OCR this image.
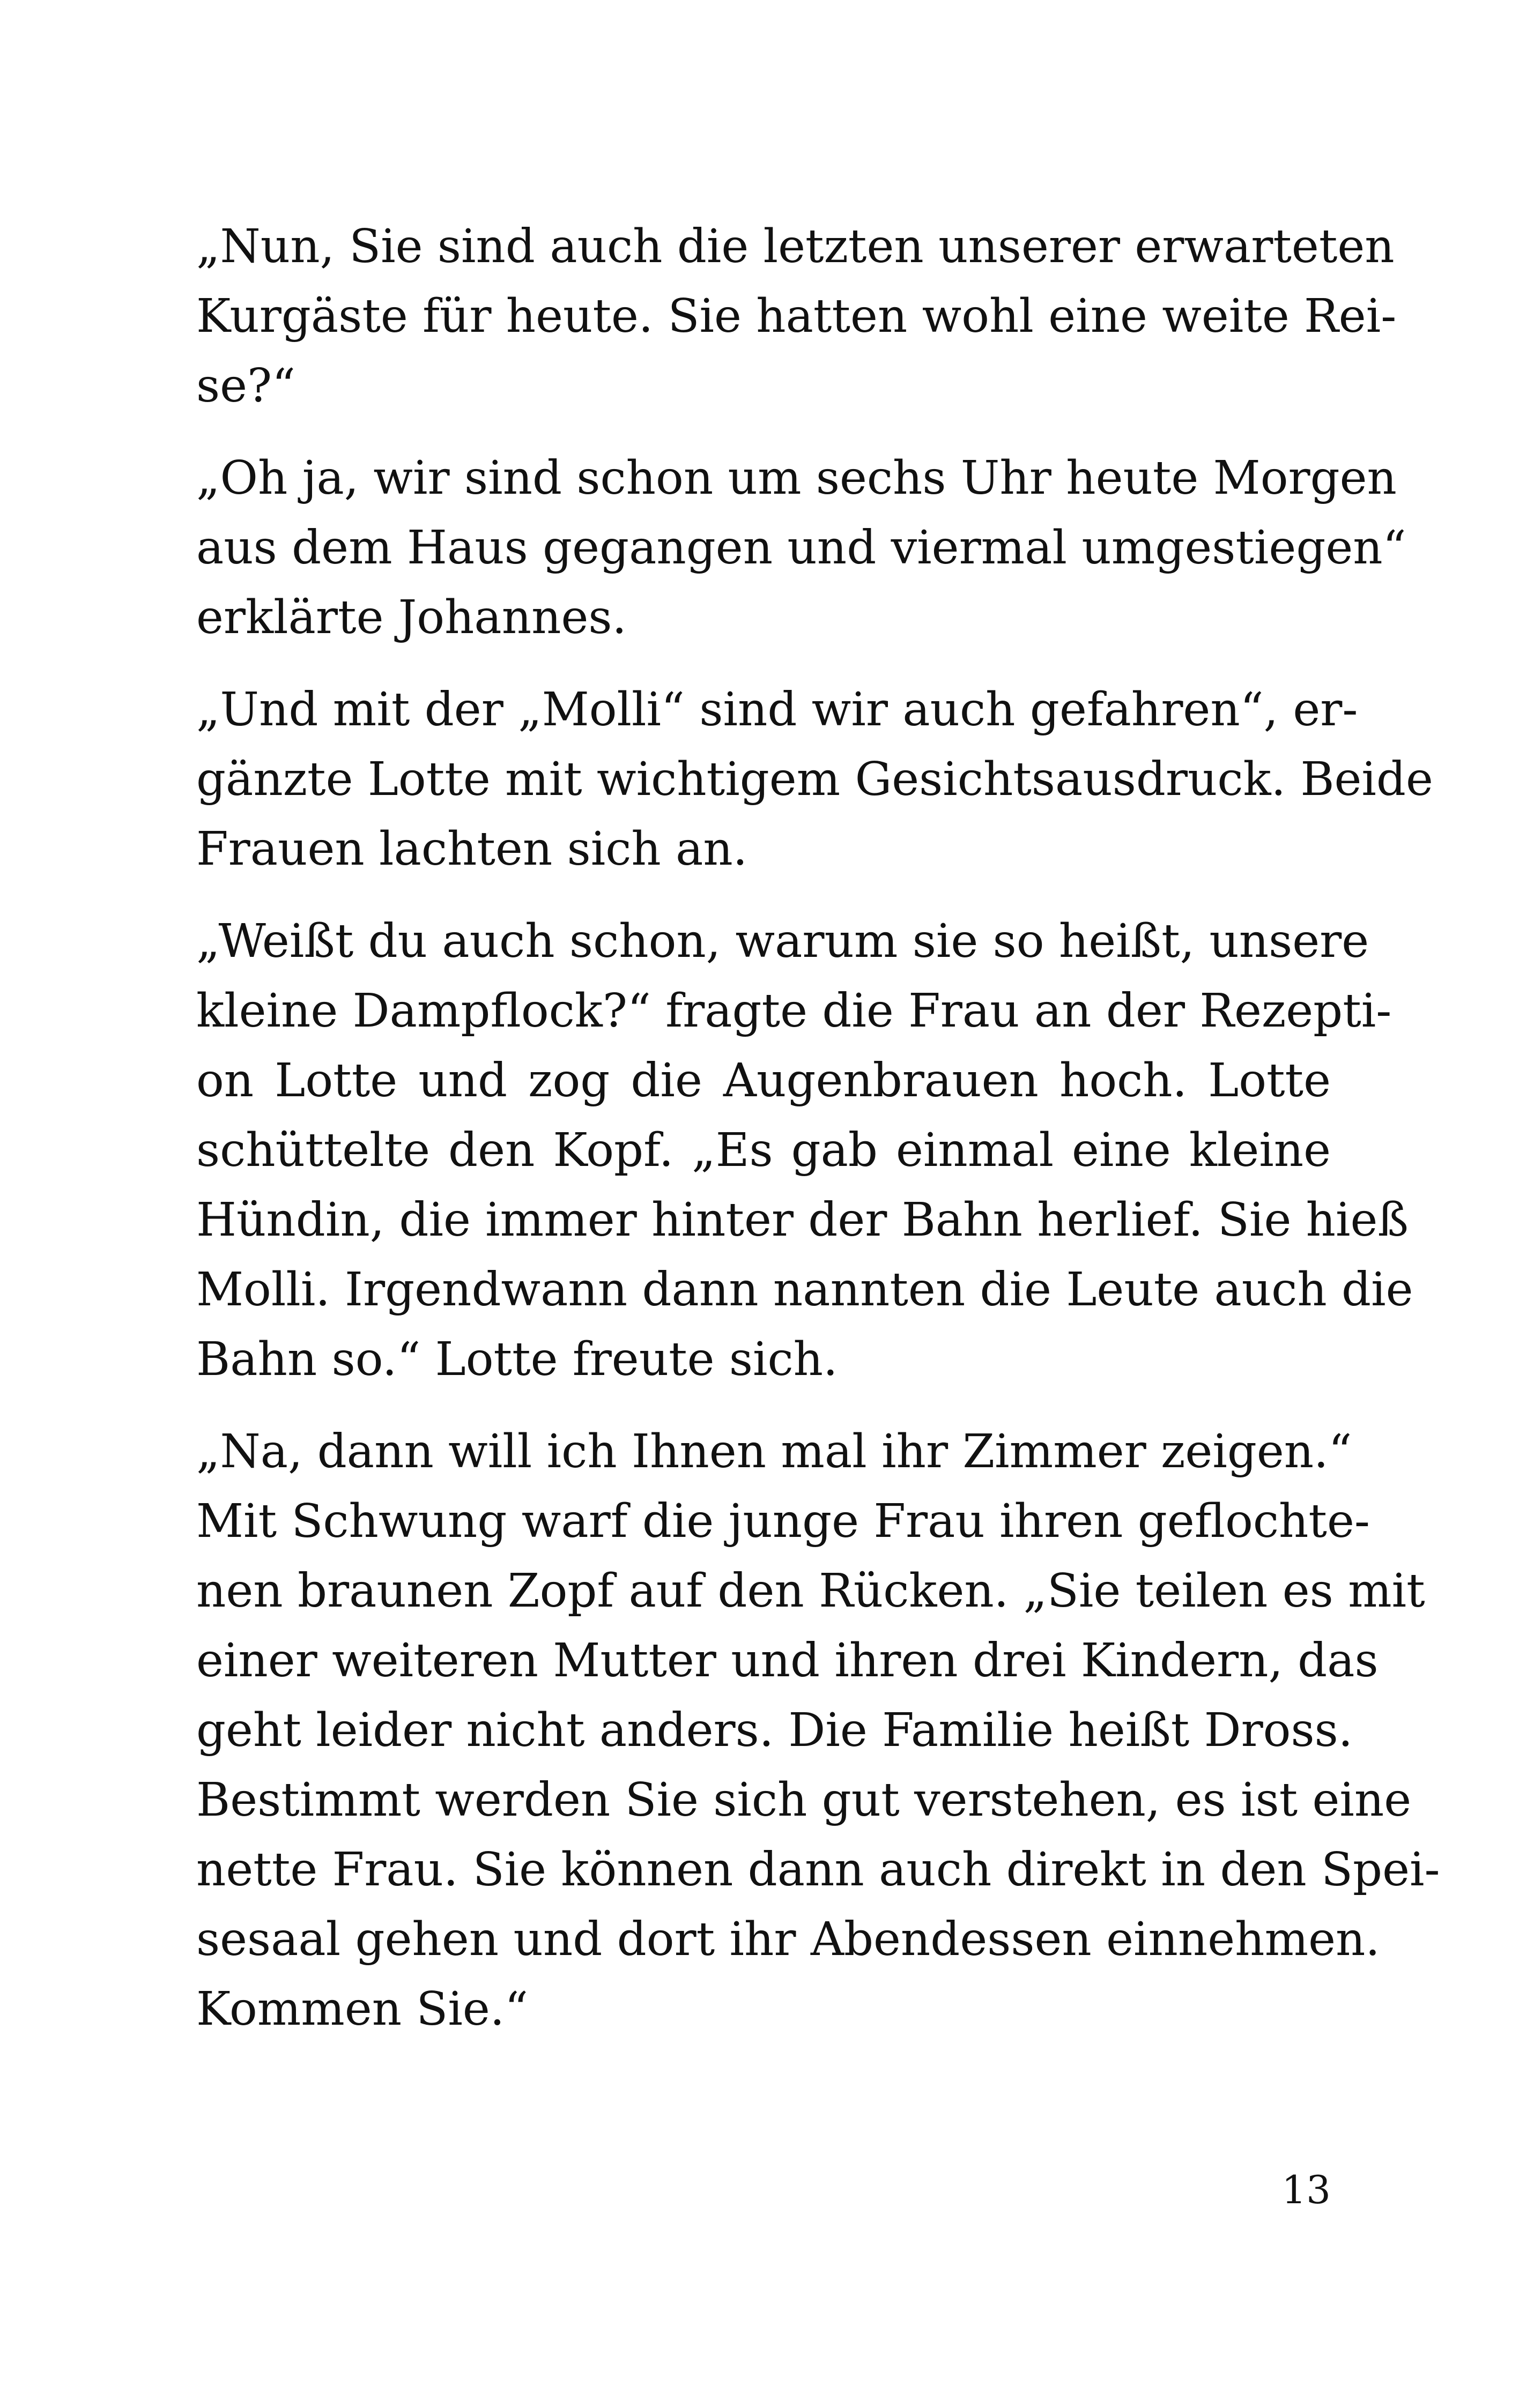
„Nun, Sie sind auch die letzten unserer erwarteten
Kurgäste für heute. Sie hatten wohl eine weite Rei-
se?“

„Oh ja, wir sind schon um sechs Uhr heute Morgen
aus dem Haus gegangen und viermal umgestiegen“
erklärte Johannes.

„Und mit der „Molli“ sind wir auch gefahren“, er-
gänzte Lotte mit wichtigem Gesichtsausdruck. Beide
Frauen lachten sich an.

„Weißt du auch schon, warum sie so heißt, unsere
kleine Dampflock?“ fragte die Frau an der Rezepti-
on Lotte und zog die Augenbrauen hoch. Lotte
schüttelte den Kopf. „Es gab einmal eine kleine
Hündin, die immer hinter der Bahn herlief. Sie hieß
Molli. Irgendwann dann nannten die Leute auch die
Bahn so.“ Lotte freute sich.

„Na, dann will ich Ihnen mal ihr Zimmer zeigen.“
Mit Schwung warf die junge Frau ihren geflochte-
nen braunen Zopf auf den Rücken. „Sie teilen es mit
einer weiteren Mutter und ihren drei Kindern, das
geht leider nicht anders. Die Familie heißt Dross.
Bestimmt werden Sie sich gut verstehen, es ist eine
nette Frau. Sie können dann auch direkt in den Spei-
sesaal gehen und dort ihr Abendessen einnehmen.
Kommen Sie.“

13
